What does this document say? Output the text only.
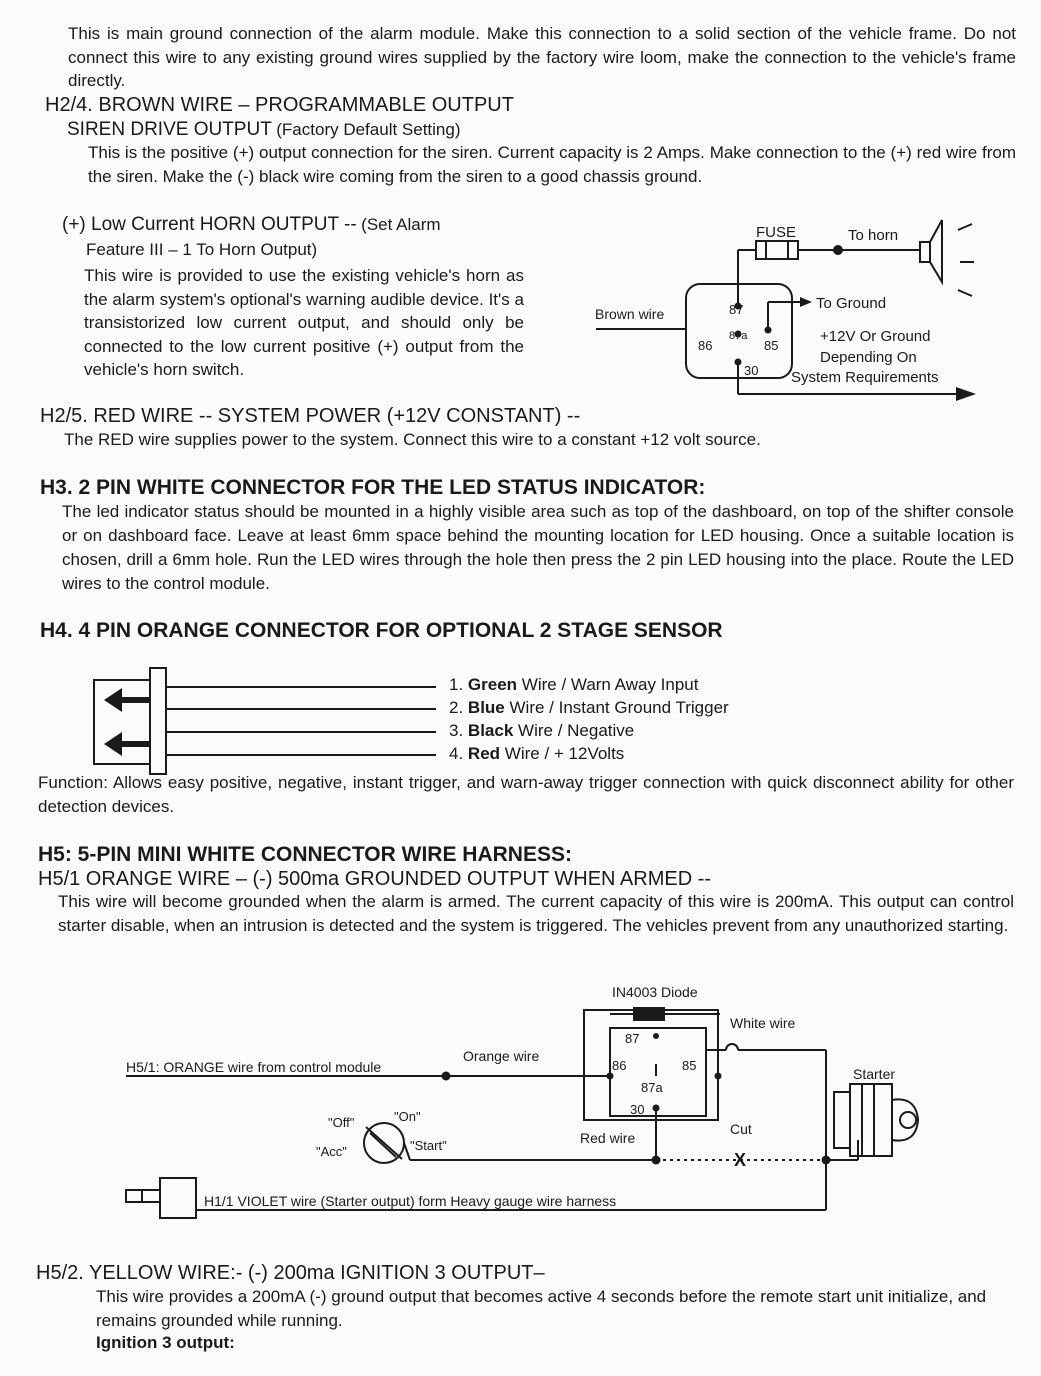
This is main ground connection of the alarm module. Make this connection to a solid section of the vehicle frame. Do not connect this wire to any existing ground wires supplied by the factory wire loom, make the connection to the vehicle's frame directly.
H2/4. BROWN WIRE – PROGRAMMABLE OUTPUT
SIREN DRIVE OUTPUT (Factory Default Setting)
This is the positive (+) output connection for the siren. Current capacity is 2 Amps. Make connection to the (+) red wire from the siren. Make the (-) black wire coming from the siren to a good chassis ground.
(+) Low Current HORN OUTPUT -- (Set Alarm
Feature III – 1 To Horn Output)
This wire is provided to use the existing vehicle's horn as the alarm system's optional's warning audible device. It's a transistorized low current output, and should only be connected to the low current positive (+) output from the vehicle's horn switch.
FUSE	To horn
Brown wire
To Ground
87
87a
86	85
30
+12V Or Ground
Depending On
System Requirements
H2/5. RED WIRE -- SYSTEM POWER (+12V CONSTANT) --
The RED wire supplies power to the system. Connect this wire to a constant +12 volt source.
H3. 2 PIN WHITE CONNECTOR FOR THE LED STATUS INDICATOR:
The led indicator status should be mounted in a highly visible area such as top of the dashboard, on top of the shifter console or on dashboard face. Leave at least 6mm space behind the mounting location for LED housing. Once a suitable location is chosen, drill a 6mm hole. Run the LED wires through the hole then press the 2 pin LED housing into the place. Route the LED wires to the control module.
H4. 4 PIN ORANGE CONNECTOR FOR OPTIONAL 2 STAGE SENSOR
1. Green Wire / Warn Away Input
2. Blue Wire / Instant Ground Trigger
3. Black Wire / Negative
4. Red Wire / + 12Volts
Function: Allows easy positive, negative, instant trigger, and warn-away trigger connection with quick disconnect ability for other detection devices.
H5: 5-PIN MINI WHITE CONNECTOR WIRE HARNESS:
H5/1 ORANGE WIRE – (-) 500ma GROUNDED OUTPUT WHEN ARMED --
This wire will become grounded when the alarm is armed. The current capacity of this wire is 200mA. This output can control starter disable, when an intrusion is detected and the system is triggered. The vehicles prevent from any unauthorized starting.
IN4003 Diode
White wire
H5/1: ORANGE wire from control module
Orange wire
87
86	85
87a
30
Starter
"Off"	"On"
"Acc"	"Start"	Red wire
Cut
X
H1/1 VIOLET wire (Starter output) form Heavy gauge wire harness
H5/2. YELLOW WIRE:- (-) 200ma IGNITION 3 OUTPUT–
This wire provides a 200mA (-) ground output that becomes active 4 seconds before the remote start unit initialize, and remains grounded while running.
Ignition 3 output:
